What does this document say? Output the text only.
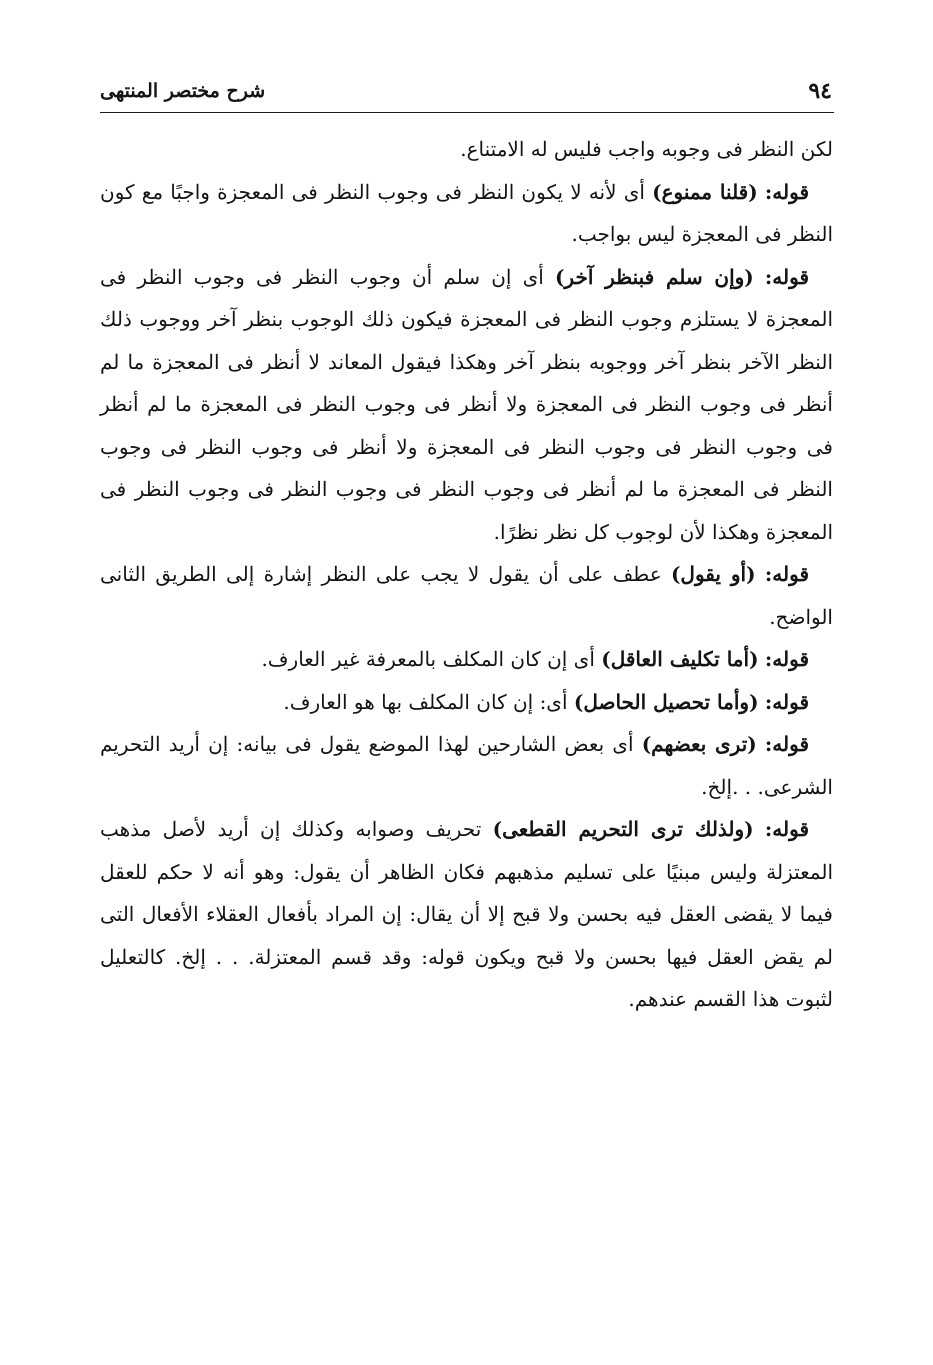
٩٤
شرح مختصر المنتهى

لكن النظر فى وجوبه واجب فليس له الامتناع.

قوله: (قلنا ممنوع) أى لأنه لا يكون النظر فى وجوب النظر فى المعجزة واجبًا مع كون النظر فى المعجزة ليس بواجب.

قوله: (وإن سلم فبنظر آخر) أى إن سلم أن وجوب النظر فى وجوب النظر فى المعجزة لا يستلزم وجوب النظر فى المعجزة فيكون ذلك الوجوب بنظر آخر ووجوب ذلك النظر الآخر بنظر آخر ووجوبه بنظر آخر وهكذا فيقول المعاند لا أنظر فى المعجزة ما لم أنظر فى وجوب النظر فى المعجزة ولا أنظر فى وجوب النظر فى المعجزة ما لم أنظر فى وجوب النظر فى وجوب النظر فى المعجزة ولا أنظر فى وجوب النظر فى وجوب النظر فى المعجزة ما لم أنظر فى وجوب النظر فى وجوب النظر فى وجوب النظر فى المعجزة وهكذا لأن لوجوب كل نظر نظرًا.

قوله: (أو يقول) عطف على أن يقول لا يجب على النظر إشارة إلى الطريق الثانى الواضح.

قوله: (أما تكليف العاقل) أى إن كان المكلف بالمعرفة غير العارف.

قوله: (وأما تحصيل الحاصل) أى: إن كان المكلف بها هو العارف.

قوله: (ترى بعضهم) أى بعض الشارحين لهذا الموضع يقول فى بيانه: إن أريد التحريم الشرعى. . .إلخ.

قوله: (ولذلك ترى التحريم القطعى) تحريف وصوابه وكذلك إن أريد لأصل مذهب المعتزلة وليس مبنيًا على تسليم مذهبهم فكان الظاهر أن يقول: وهو أنه لا حكم للعقل فيما لا يقضى العقل فيه بحسن ولا قبح إلا أن يقال: إن المراد بأفعال العقلاء الأفعال التى لم يقض العقل فيها بحسن ولا قبح ويكون قوله: وقد قسم المعتزلة. . . إلخ. كالتعليل لثبوت هذا القسم عندهم.
